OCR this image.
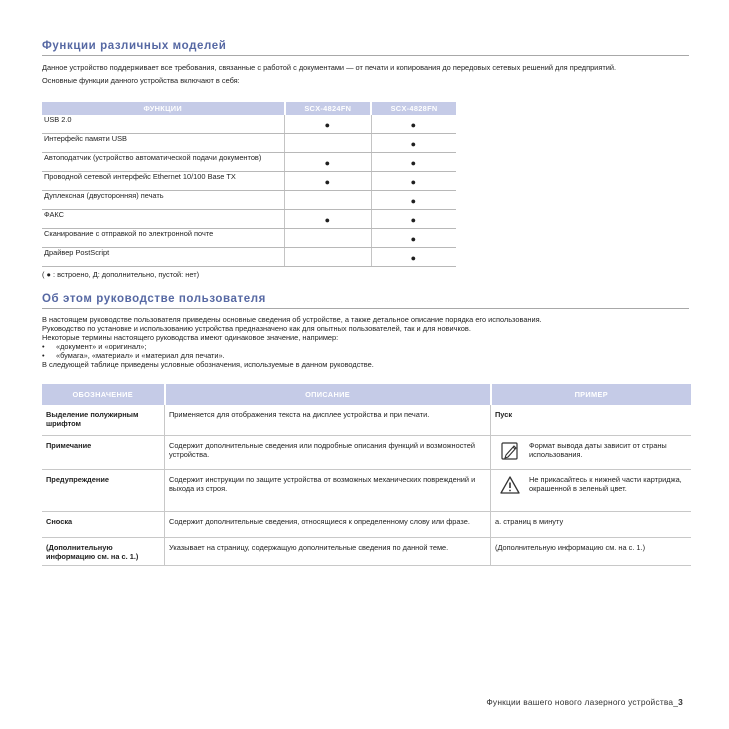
Функции различных моделей

Данное устройство поддерживает все требования, связанные с работой с документами — от печати и копирования до передовых сетевых решений для предприятий.

Основные функции данного устройства включают в себя:

ФУНКЦИИ	SCX-4824FN	SCX-4828FN
USB 2.0	●	●
Интерфейс памяти USB		●
Автоподатчик (устройство автоматической подачи документов)	●	●
Проводной сетевой интерфейс Ethernet 10/100 Base TX	●	●
Дуплексная (двусторонняя) печать		●
ФАКС	●	●
Сканирование с отправкой по электронной почте		●
Драйвер PostScript		●

( ● : встроено, Д: дополнительно, пустой: нет)

Об этом руководстве пользователя

В настоящем руководстве пользователя приведены основные сведения об устройстве, а также детальное описание порядка его использования.

Руководство по установке и использованию устройства предназначено как для опытных пользователей, так и для новичков.

Некоторые термины настоящего руководства имеют одинаковое значение, например:

•	«документ» и «оригинал»;

•	«бумага», «материал» и «материал для печати».

В следующей таблице приведены условные обозначения, используемые в данном руководстве.

ОБОЗНАЧЕНИЕ	ОПИСАНИЕ	ПРИМЕР
Выделение полужирным шрифтом	Применяется для отображения текста на дисплее устройства и при печати.	Пуск
Примечание	Содержит дополнительные сведения или подробные описания функций и возможностей устройства.	Формат вывода даты зависит от страны использования.

Предупреждение	Содержит инструкции по защите устройства от возможных механических повреждений и выхода из строя.	Не прикасайтесь к нижней части картриджа, окрашенной в зеленый цвет.

Сноска	Содержит дополнительные сведения, относящиеся к определенному слову или фразе.	a. страниц в минуту
(Дополнительную информацию см. на с. 1.)	Указывает на страницу, содержащую дополнительные сведения по данной теме.	(Дополнительную информацию см. на с. 1.)
Функции вашего нового лазерного устройства_3
